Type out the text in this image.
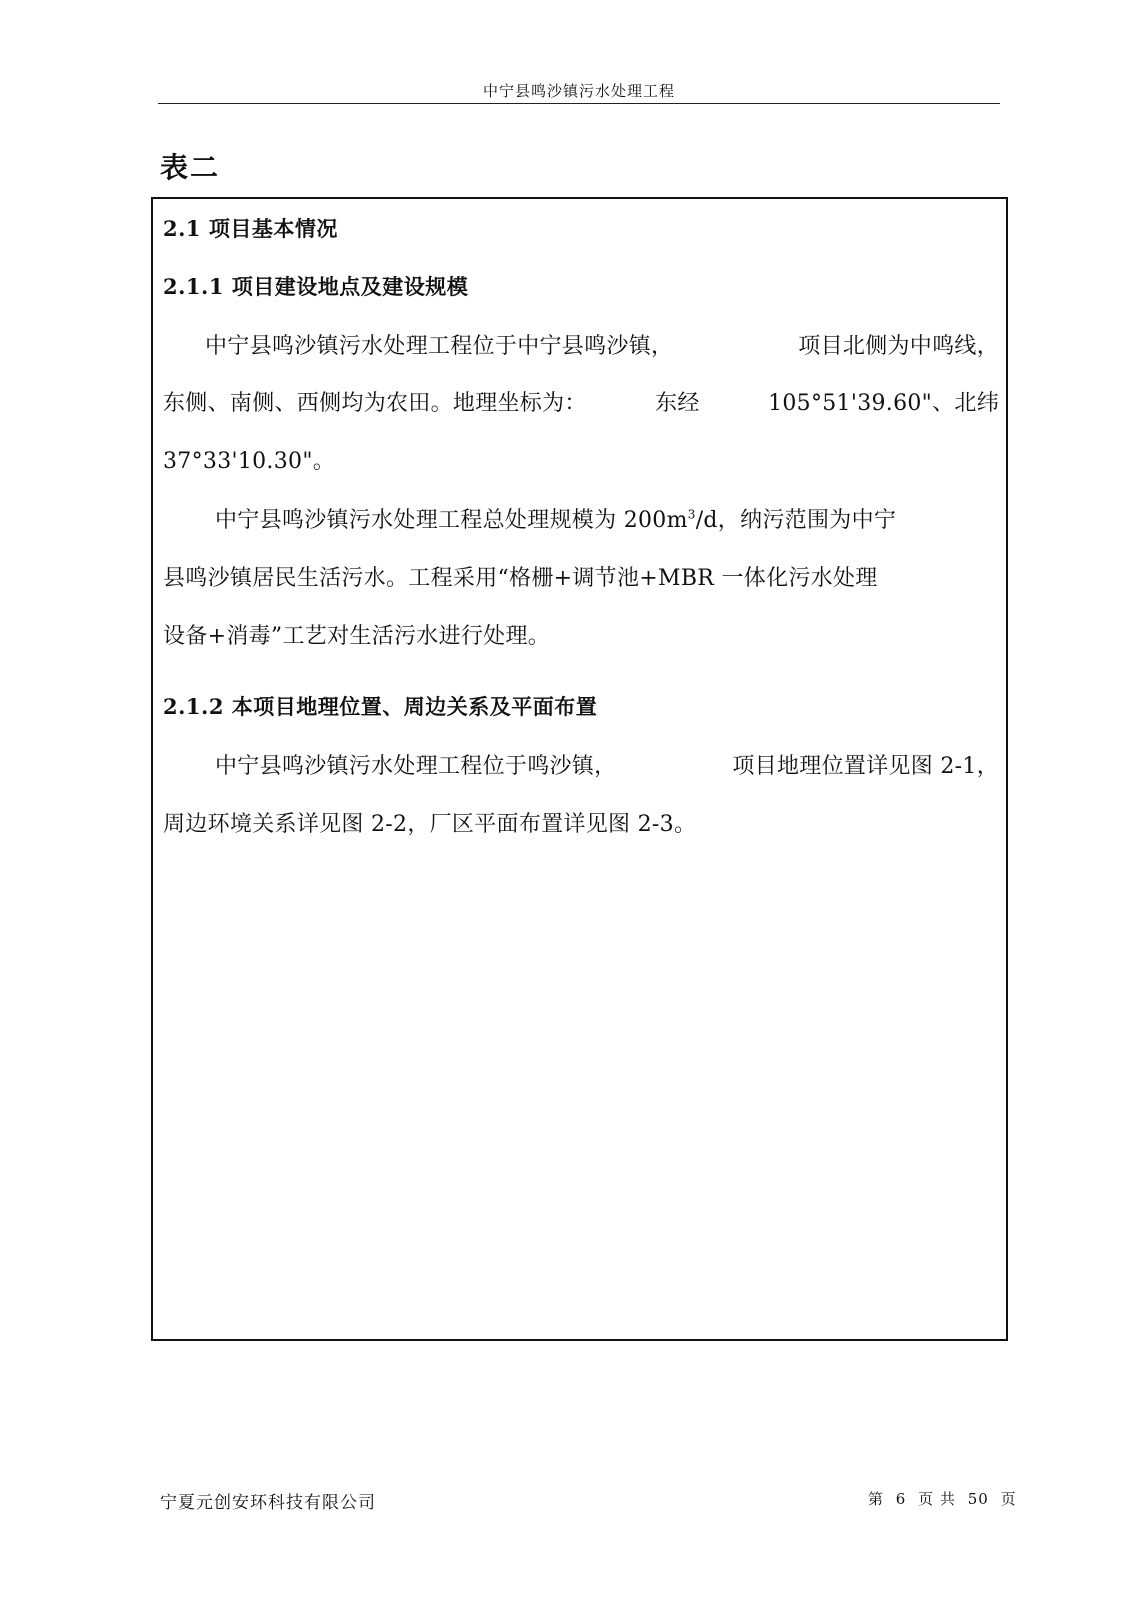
中宁县鸣沙镇污水处理工程
表二
2.1 项目基本情况
2.1.1 项目建设地点及建设规模
中宁县鸣沙镇污水处理工程位于中宁县鸣沙镇，	项目北侧为中鸣线，
东侧、南侧、西侧均为农田。地理坐标为：	东经	105°51'39.60"、北纬
37°33'10.30"。
中宁县鸣沙镇污水处理工程总处理规模为 $200m^3/d$，纳污范围为中宁
县鸣沙镇居民生活污水。工程采用“格栅+调节池+MBR 一体化污水处理
设备+消毒”工艺对生活污水进行处理。
2.1.2 本项目地理位置、周边关系及平面布置
中宁县鸣沙镇污水处理工程位于鸣沙镇，	项目地理位置详见图 2-1，
周边环境关系详见图 2-2，厂区平面布置详见图 2-3。
宁夏元创安环科技有限公司	第 6 页 共 50 页
